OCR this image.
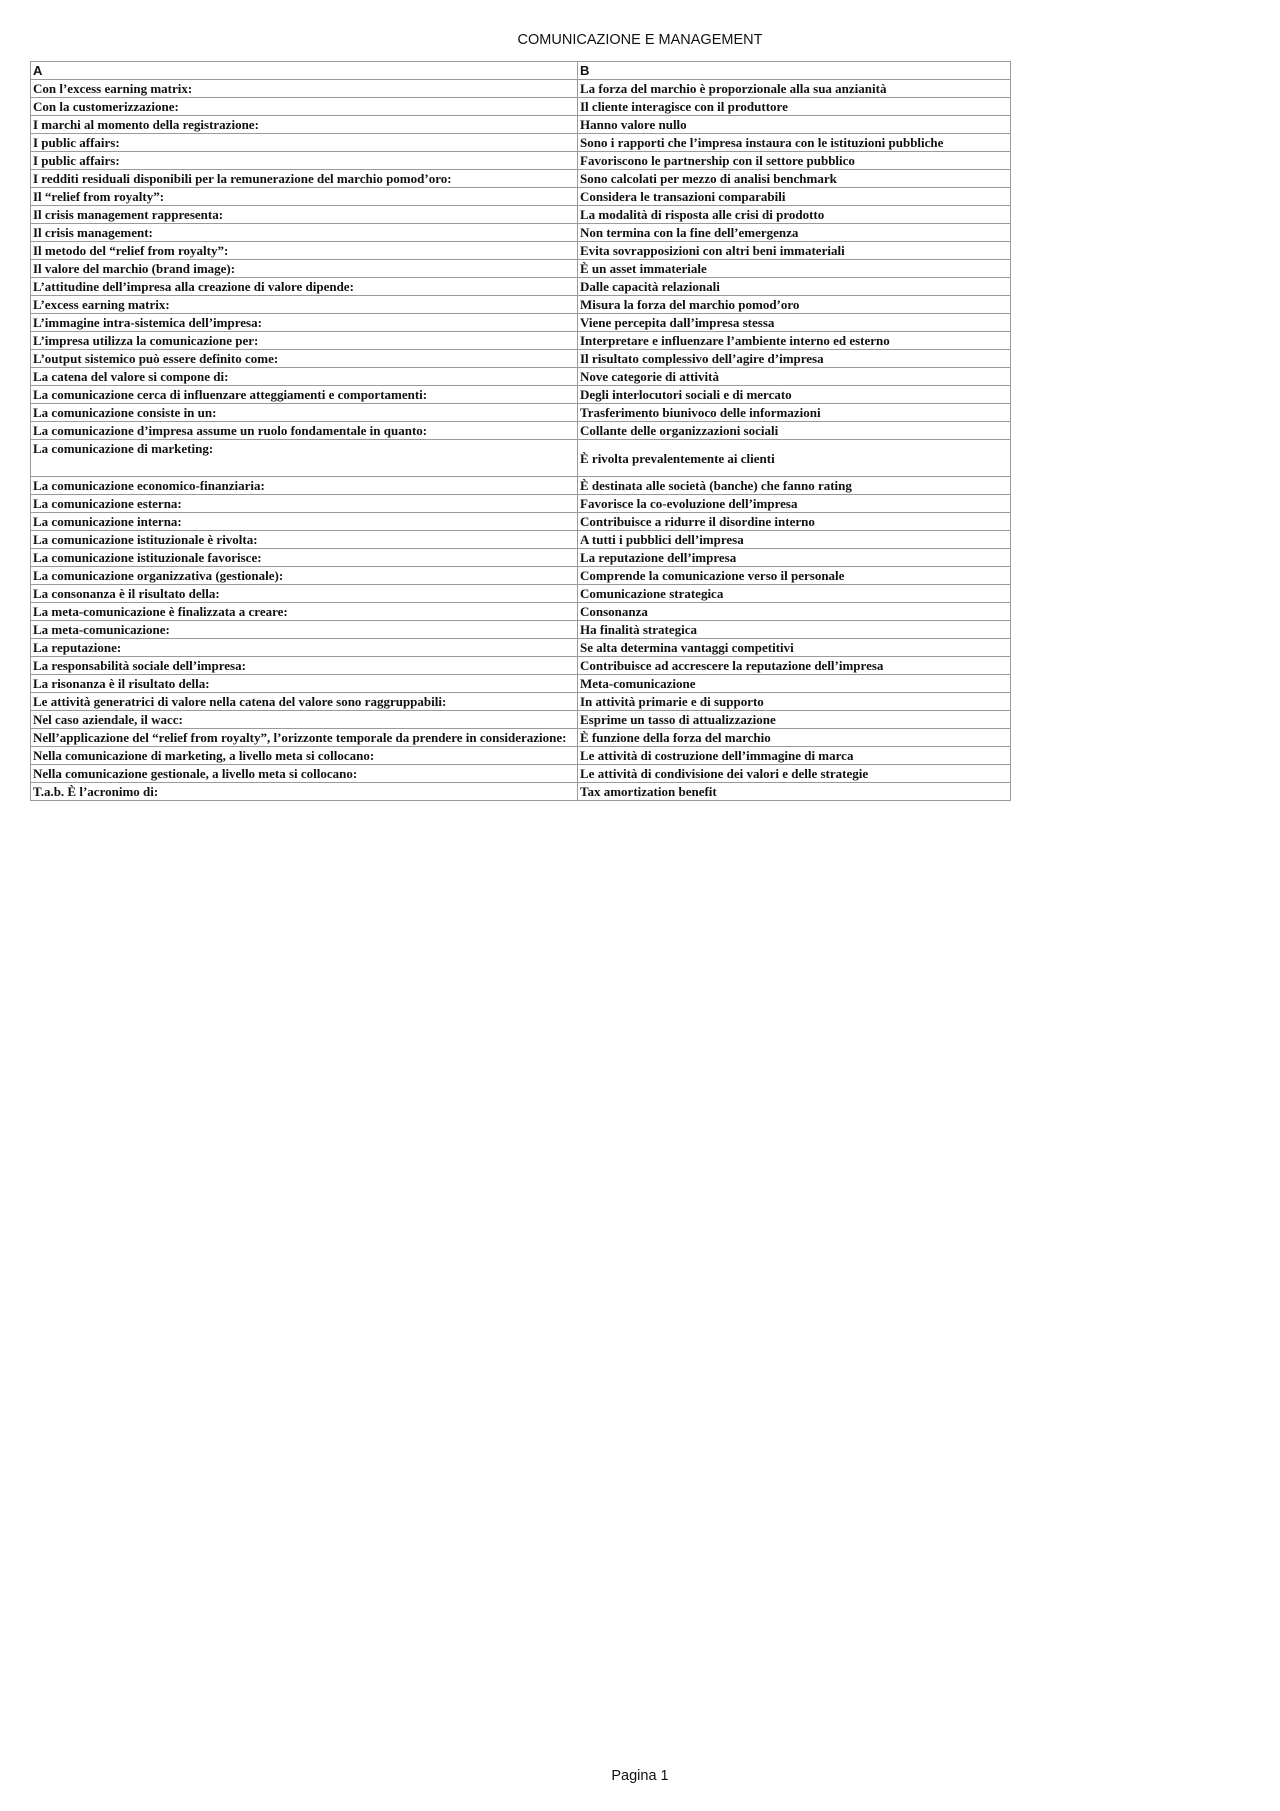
COMUNICAZIONE E MANAGEMENT
A	B
Con l’excess earning matrix:	La forza del marchio è proporzionale alla sua anzianità
Con la customerizzazione:	Il cliente interagisce con il produttore
I marchi al momento della registrazione:	Hanno valore nullo
I public affairs:	Sono i rapporti che l’impresa instaura con le istituzioni pubbliche
I public affairs:	Favoriscono le partnership con il settore pubblico
I redditi residuali disponibili per la remunerazione del marchio pomod’oro:	Sono calcolati per mezzo di analisi benchmark
Il “relief from royalty”:	Considera le transazioni comparabili
Il crisis management rappresenta:	La modalità di risposta alle crisi di prodotto
Il crisis management:	Non termina con la fine dell’emergenza
Il metodo del “relief from royalty”:	Evita sovrapposizioni con altri beni immateriali
Il valore del marchio (brand image):	È un asset immateriale
L’attitudine dell’impresa alla creazione di valore dipende:	Dalle capacità relazionali
L’excess earning matrix:	Misura la forza del marchio pomod’oro
L’immagine intra-sistemica dell’impresa:	Viene percepita dall’impresa stessa
L’impresa utilizza la comunicazione per:	Interpretare e influenzare l’ambiente interno ed esterno
L’output sistemico può essere definito come:	Il risultato complessivo dell’agire d’impresa
La catena del valore si compone di:	Nove categorie di attività
La comunicazione cerca di influenzare atteggiamenti e comportamenti:	Degli interlocutori sociali e di mercato
La comunicazione consiste in un:	Trasferimento biunivoco delle informazioni
La comunicazione d’impresa assume un ruolo fondamentale in quanto:	Collante delle organizzazioni sociali
La comunicazione di marketing:	È rivolta prevalentemente ai clienti
La comunicazione economico-finanziaria:	È destinata alle società (banche) che fanno rating
La comunicazione esterna:	Favorisce la co-evoluzione dell’impresa
La comunicazione interna:	Contribuisce a ridurre il disordine interno
La comunicazione istituzionale è rivolta:	A tutti i pubblici dell’impresa
La comunicazione istituzionale favorisce:	La reputazione dell’impresa
La comunicazione organizzativa (gestionale):	Comprende la comunicazione verso il personale
La consonanza è il risultato della:	Comunicazione strategica
La meta-comunicazione è finalizzata a creare:	Consonanza
La meta-comunicazione:	Ha finalità strategica
La reputazione:	Se alta determina vantaggi competitivi
La responsabilità sociale dell’impresa:	Contribuisce ad accrescere la reputazione dell’impresa
La risonanza è il risultato della:	Meta-comunicazione
Le attività generatrici di valore nella catena del valore sono raggruppabili:	In attività primarie e di supporto
Nel caso aziendale, il wacc:	Esprime un tasso di attualizzazione
Nell’applicazione del “relief from royalty”, l’orizzonte temporale da prendere in considerazione:	È funzione della forza del marchio
Nella comunicazione di marketing, a livello meta si collocano:	Le attività di costruzione dell’immagine di marca
Nella comunicazione gestionale, a livello meta si collocano:	Le attività di condivisione dei valori e delle strategie
T.a.b. È l’acronimo di:	Tax amortization benefit
Pagina 1
